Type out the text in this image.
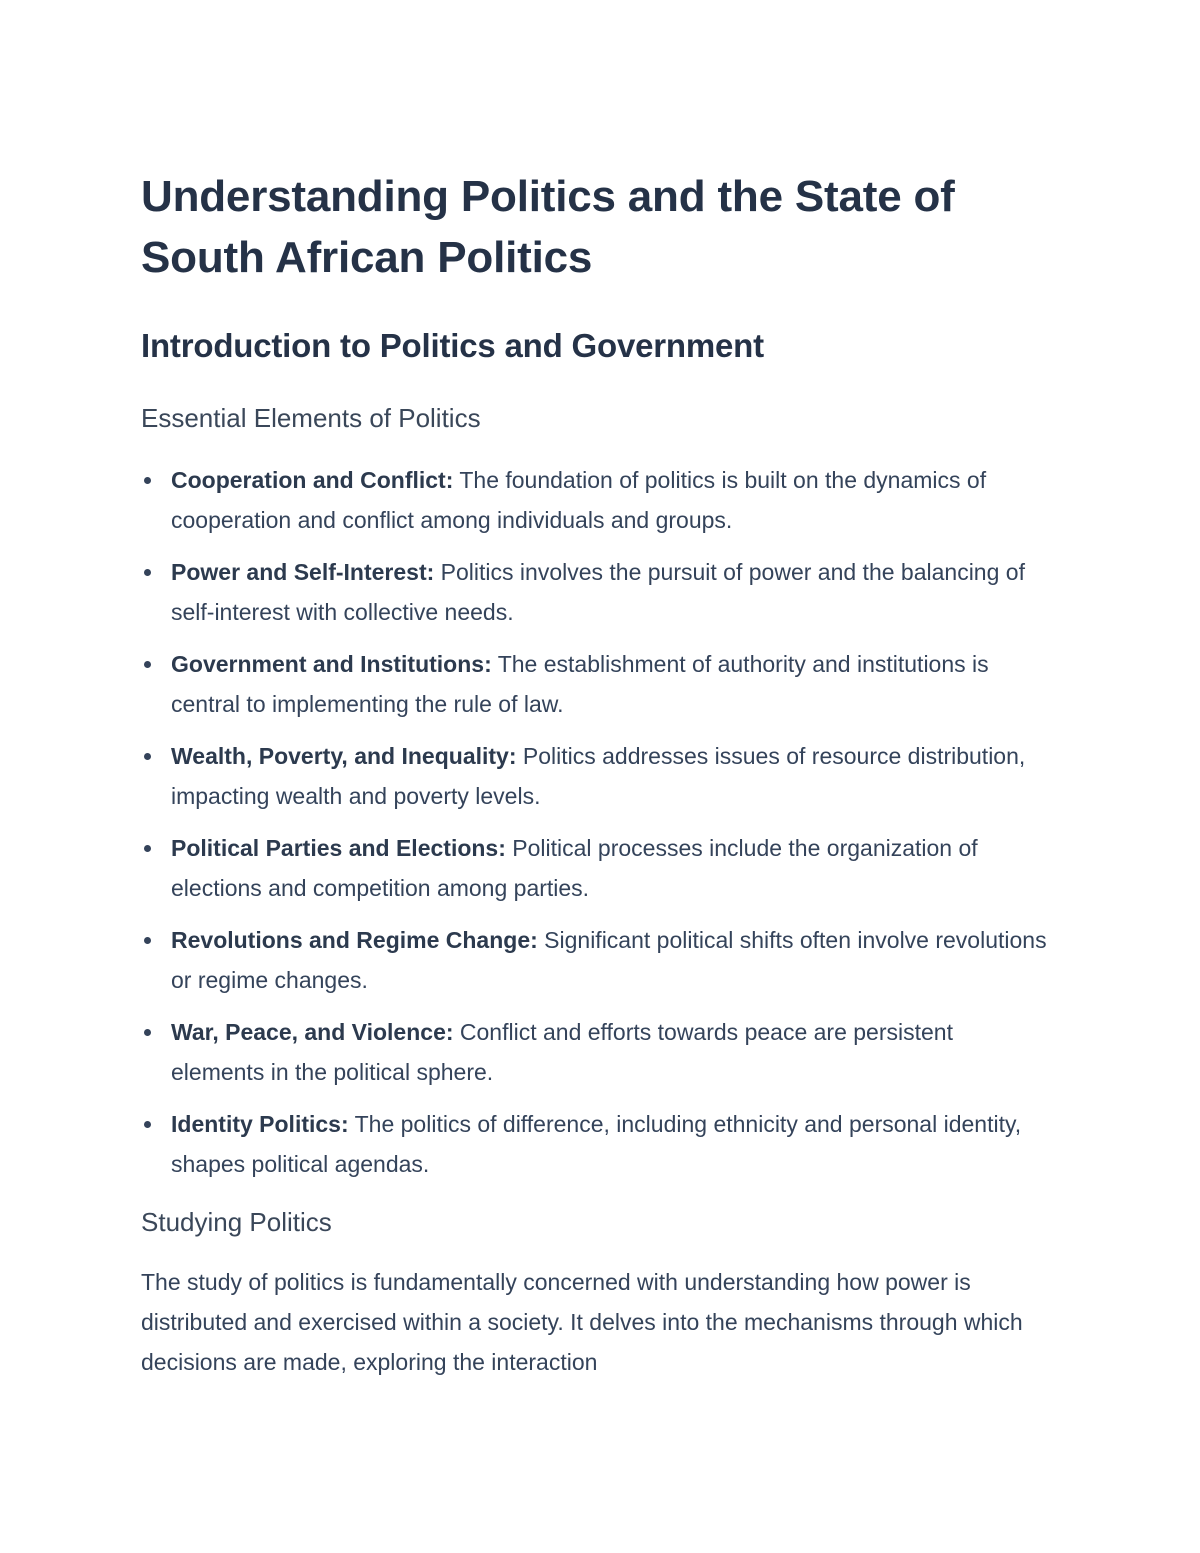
Understanding Politics and the State of South African Politics
Introduction to Politics and Government
Essential Elements of Politics
Cooperation and Conflict: The foundation of politics is built on the dynamics of cooperation and conflict among individuals and groups.
Power and Self-Interest: Politics involves the pursuit of power and the balancing of self-interest with collective needs.
Government and Institutions: The establishment of authority and institutions is central to implementing the rule of law.
Wealth, Poverty, and Inequality: Politics addresses issues of resource distribution, impacting wealth and poverty levels.
Political Parties and Elections: Political processes include the organization of elections and competition among parties.
Revolutions and Regime Change: Significant political shifts often involve revolutions or regime changes.
War, Peace, and Violence: Conflict and efforts towards peace are persistent elements in the political sphere.
Identity Politics: The politics of difference, including ethnicity and personal identity, shapes political agendas.
Studying Politics

The study of politics is fundamentally concerned with understanding how power is distributed and exercised within a society. It delves into the mechanisms through which decisions are made, exploring the interaction
